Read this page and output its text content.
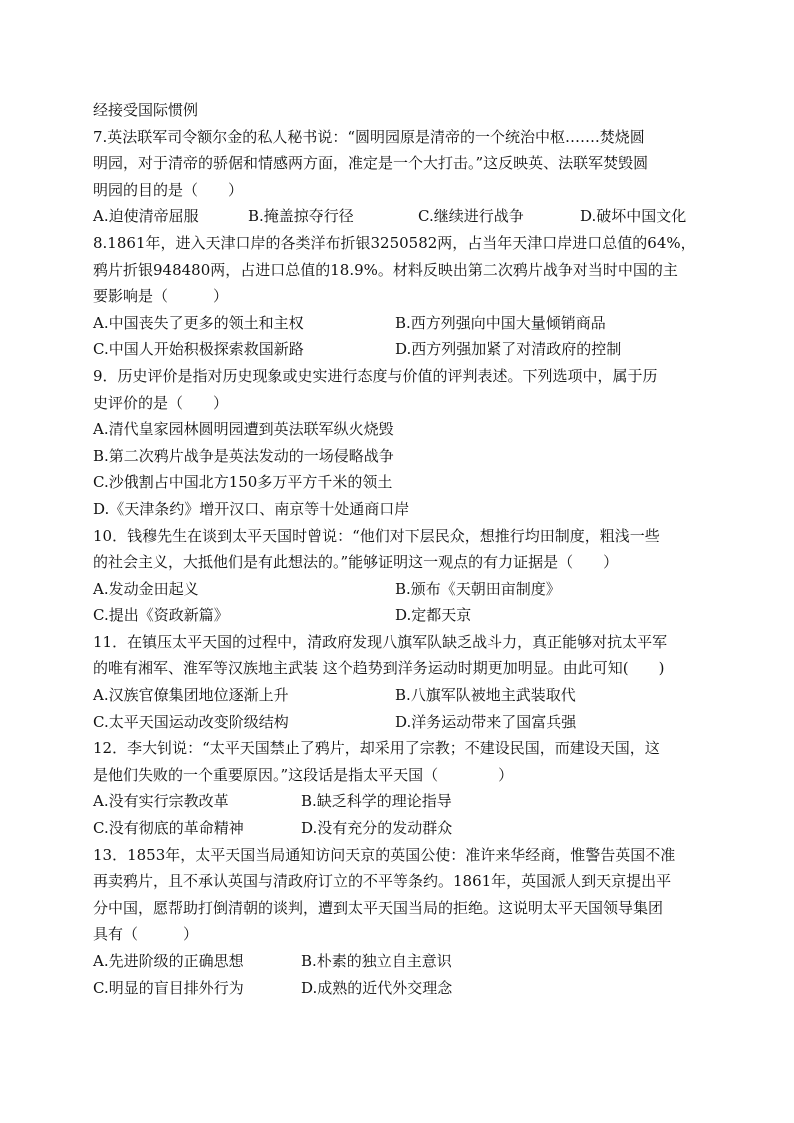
经接受国际惯例
7.英法联军司令额尔金的私人秘书说：“圆明园原是清帝的一个统治中枢…….焚烧圆
明园，对于清帝的骄倨和情感两方面，准定是一个大打击。”这反映英、法联军焚毁圆
明园的目的是（　　）
A.迫使清帝屈服	B.掩盖掠夺行径	C.继续进行战争	D.破坏中国文化
8.1861年，进入天津口岸的各类洋布折银3250582两，占当年天津口岸进口总值的64%，
鸦片折银948480两，占进口总值的18.9%。材料反映出第二次鸦片战争对当时中国的主
要影响是（　　　）
A.中国丧失了更多的领土和主权	B.西方列强向中国大量倾销商品
C.中国人开始积极探索救国新路	D.西方列强加紧了对清政府的控制
9．历史评价是指对历史现象或史实进行态度与价值的评判表述。下列选项中，属于历
史评价的是（　　）
A.清代皇家园林圆明园遭到英法联军纵火烧毁
B.第二次鸦片战争是英法发动的一场侵略战争
C.沙俄割占中国北方150多万平方千米的领土
D.《天津条约》增开汉口、南京等十处通商口岸
10．钱穆先生在谈到太平天国时曾说：“他们对下层民众，想推行均田制度，粗浅一些
的社会主义，大抵他们是有此想法的。”能够证明这一观点的有力证据是（　　）
A.发动金田起义	B.颁布《天朝田亩制度》
C.提出《资政新篇》	D.定都天京
11．在镇压太平天国的过程中，清政府发现八旗军队缺乏战斗力，真正能够对抗太平军
的唯有湘军、淮军等汉族地主武装 这个趋势到洋务运动时期更加明显。由此可知(　　)
A.汉族官僚集团地位逐渐上升	B.八旗军队被地主武装取代
C.太平天国运动改变阶级结构	D.洋务运动带来了国富兵强
12．李大钊说：“太平天国禁止了鸦片，却采用了宗教；不建设民国，而建设天国，这
是他们失败的一个重要原因。”这段话是指太平天国（　　　　）
A.没有实行宗教改革	B.缺乏科学的理论指导
C.没有彻底的革命精神	D.没有充分的发动群众
13．1853年，太平天国当局通知访问天京的英国公使：准许来华经商，惟警告英国不准
再卖鸦片，且不承认英国与清政府订立的不平等条约。1861年，英国派人到天京提出平
分中国，愿帮助打倒清朝的谈判，遭到太平天国当局的拒绝。这说明太平天国领导集团
具有（　　　）
A.先进阶级的正确思想	B.朴素的独立自主意识
C.明显的盲目排外行为	D.成熟的近代外交理念
